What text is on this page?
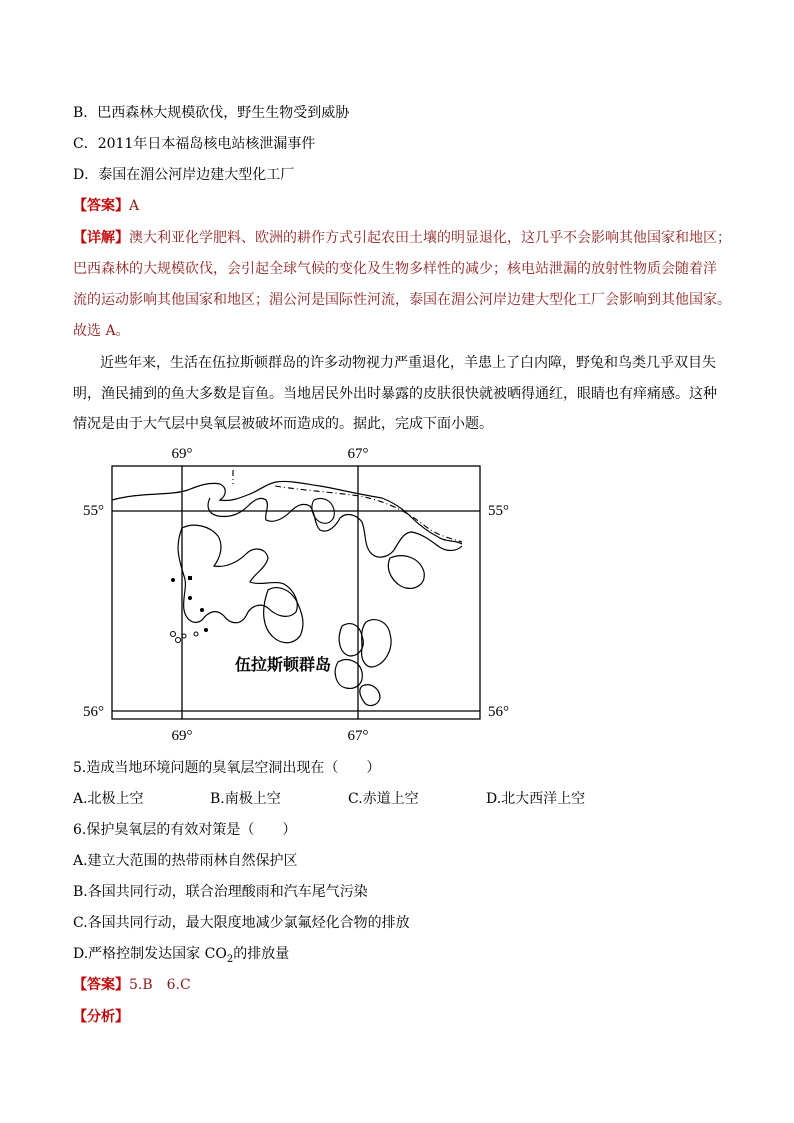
B．巴西森林大规模砍伐，野生生物受到威胁
C．2011年日本福岛核电站核泄漏事件
D．泰国在湄公河岸边建大型化工厂
【答案】A
【详解】澳大利亚化学肥料、欧洲的耕作方式引起农田土壤的明显退化，这几乎不会影响其他国家和地区；
巴西森林的大规模砍伐，会引起全球气候的变化及生物多样性的减少；核电站泄漏的放射性物质会随着洋
流的运动影响其他国家和地区；湄公河是国际性河流，泰国在湄公河岸边建大型化工厂会影响到其他国家。
故选 A。
近些年来，生活在伍拉斯顿群岛的许多动物视力严重退化，羊患上了白内障，野兔和鸟类几乎双目失
明，渔民捕到的鱼大多数是盲鱼。当地居民外出时暴露的皮肤很快就被晒得通红，眼睛也有痒痛感。这种
情况是由于大气层中臭氧层被破坏而造成的。据此，完成下面小题。
69°	67°
69°	67°
55°	55°
56°	56°
伍拉斯顿群岛
5.造成当地环境问题的臭氧层空洞出现在（　　）
A.北极上空	B.南极上空	C.赤道上空	D.北大西洋上空
6.保护臭氧层的有效对策是（　　）
A.建立大范围的热带雨林自然保护区
B.各国共同行动，联合治理酸雨和汽车尾气污染
C.各国共同行动，最大限度地减少氯氟烃化合物的排放
D.严格控制发达国家 $CO_2$的排放量
【答案】5.B　6.C
【分析】
